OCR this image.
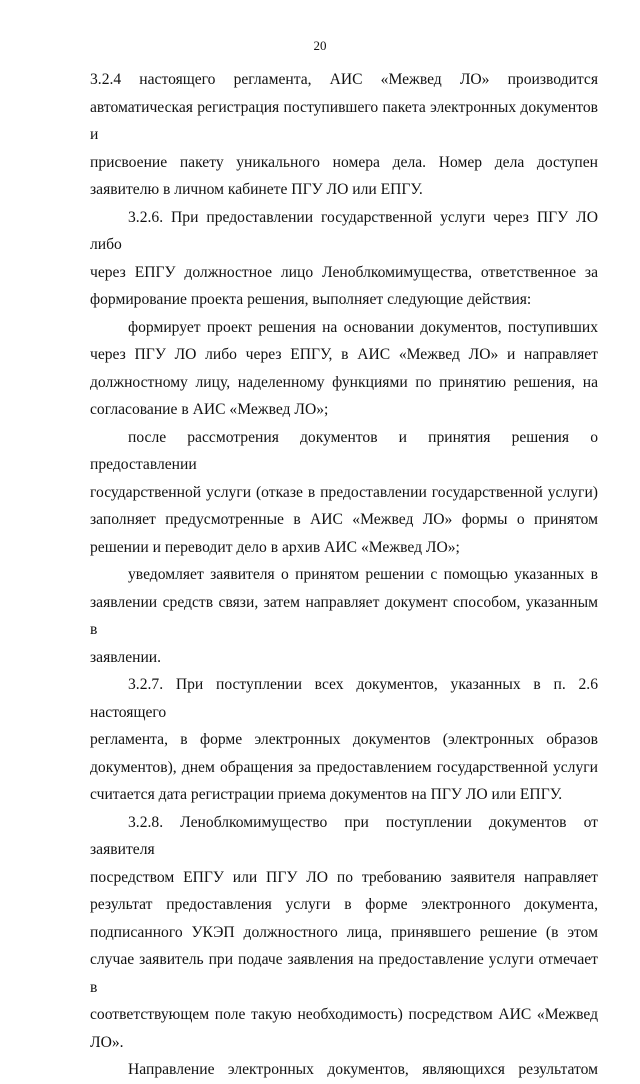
20

3.2.4 настоящего регламента, АИС «Межвед ЛО» производится

автоматическая регистрация поступившего пакета электронных документов и

присвоение пакету уникального номера дела. Номер дела доступен

заявителю в личном кабинете ПГУ ЛО или ЕПГУ.

3.2.6. При предоставлении государственной услуги через ПГУ ЛО либо

через ЕПГУ должностное лицо Леноблкомимущества, ответственное за

формирование проекта решения, выполняет следующие действия:

формирует проект решения на основании документов, поступивших

через ПГУ ЛО либо через ЕПГУ, в АИС «Межвед ЛО» и направляет

должностному лицу, наделенному функциями по принятию решения, на

согласование в АИС «Межвед ЛО»;

после рассмотрения документов и принятия решения о предоставлении

государственной услуги (отказе в предоставлении государственной услуги)

заполняет предусмотренные в АИС «Межвед ЛО» формы о принятом

решении и переводит дело в архив АИС «Межвед ЛО»;

уведомляет заявителя о принятом решении с помощью указанных в

заявлении средств связи, затем направляет документ способом, указанным в

заявлении.

3.2.7. При поступлении всех документов, указанных в п. 2.6 настоящего

регламента, в форме электронных документов (электронных образов

документов), днем обращения за предоставлением государственной услуги

считается дата регистрации приема документов на ПГУ ЛО или ЕПГУ.

3.2.8. Леноблкомимущество при поступлении документов от заявителя

посредством ЕПГУ или ПГУ ЛО по требованию заявителя направляет

результат предоставления услуги в форме электронного документа,

подписанного УКЭП должностного лица, принявшего решение (в этом

случае заявитель при подаче заявления на предоставление услуги отмечает в

соответствующем поле такую необходимость) посредством АИС «Межвед

ЛО».

Направление электронных документов, являющихся результатом
